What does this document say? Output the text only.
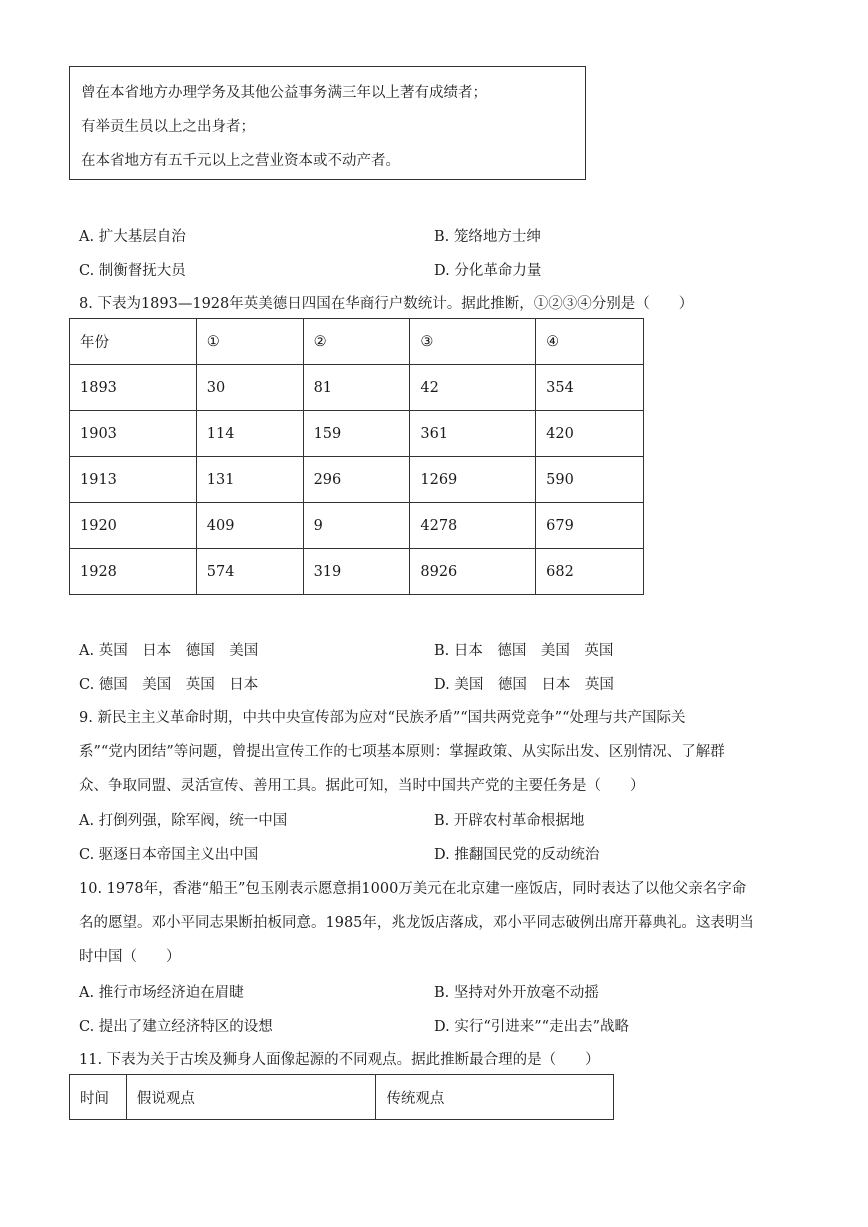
曾在本省地方办理学务及其他公益事务满三年以上著有成绩者；
有举贡生员以上之出身者；
在本省地方有五千元以上之营业资本或不动产者。
A. 扩大基层自治	B. 笼络地方士绅
C. 制衡督抚大员	D. 分化革命力量
8. 下表为1893—1928年英美德日四国在华商行户数统计。据此推断，①②③④分别是（　　）
年份	①	②	③	④
1893	30	81	42	354
1903	114	159	361	420
1913	131	296	1269	590
1920	409	9	4278	679
1928	574	319	8926	682
A. 英国　日本　德国　美国	B. 日本　德国　美国　英国
C. 德国　美国　英国　日本	D. 美国　德国　日本　英国
9. 新民主主义革命时期，中共中央宣传部为应对“民族矛盾”“国共两党竞争”“处理与共产国际关
系”“党内团结”等问题，曾提出宣传工作的七项基本原则：掌握政策、从实际出发、区别情况、了解群
众、争取同盟、灵活宣传、善用工具。据此可知，当时中国共产党的主要任务是（　　）
A. 打倒列强，除军阀，统一中国	B. 开辟农村革命根据地
C. 驱逐日本帝国主义出中国	D. 推翻国民党的反动统治
10. 1978年，香港“船王”包玉刚表示愿意捐1000万美元在北京建一座饭店，同时表达了以他父亲名字命
名的愿望。邓小平同志果断拍板同意。1985年，兆龙饭店落成，邓小平同志破例出席开幕典礼。这表明当
时中国（　　）
A. 推行市场经济迫在眉睫	B. 坚持对外开放毫不动摇
C. 提出了建立经济特区的设想	D. 实行“引进来”“走出去”战略
11. 下表为关于古埃及狮身人面像起源的不同观点。据此推断最合理的是（　　）
时间	假说观点	传统观点
